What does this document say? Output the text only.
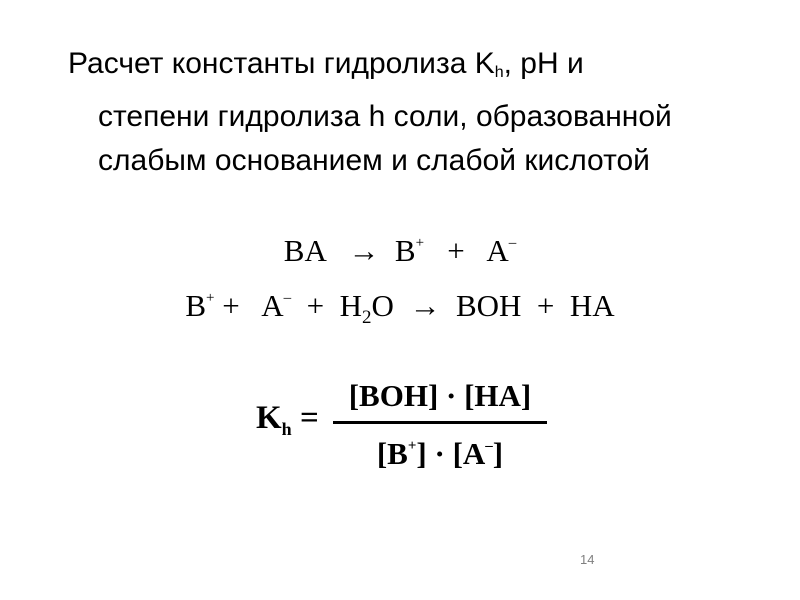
Расчет константы гидролиза $K_h$, pH и
степени гидролиза h соли, образованной
слабым основанием и слабой кислотой
BA → B+ + A–
$B^+ + A^- + H_2O$ → BOH + HA
$K_h$ =
[BOH] · [HA]
[B+] · [A–]
14
